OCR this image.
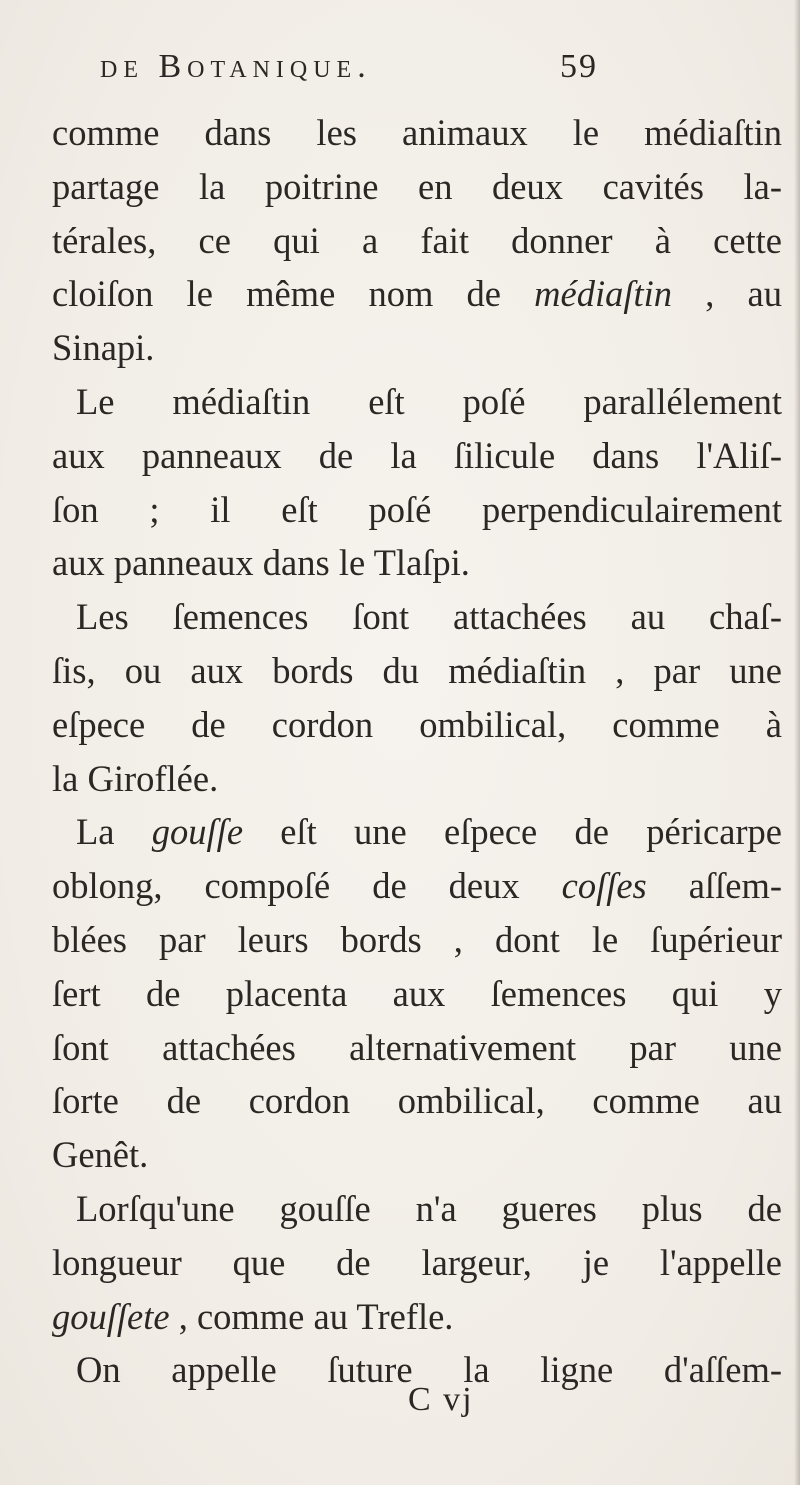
de Botanique.	59
comme dans les animaux le médiaſtin
partage la poitrine en deux cavités la-
térales, ce qui a fait donner à cette
cloiſon le même nom de médiaſtin , au
Sinapi.
Le médiaſtin eſt poſé parallélement
aux panneaux de la ſilicule dans l'Aliſ-
ſon ; il eſt poſé perpendiculairement
aux panneaux dans le Tlaſpi.
Les ſemences ſont attachées au chaſ-
ſis, ou aux bords du médiaſtin , par une
eſpece de cordon ombilical, comme à
la Giroflée.
La gouſſe eſt une eſpece de péricarpe
oblong, compoſé de deux coſſes aſſem-
blées par leurs bords , dont le ſupérieur
ſert de placenta aux ſemences qui y
ſont attachées alternativement par une
ſorte de cordon ombilical, comme au
Genêt.
Lorſqu'une gouſſe n'a gueres plus de
longueur que de largeur, je l'appelle
gouſſete , comme au Trefle.
On appelle ſuture la ligne d'aſſem-
C vj
